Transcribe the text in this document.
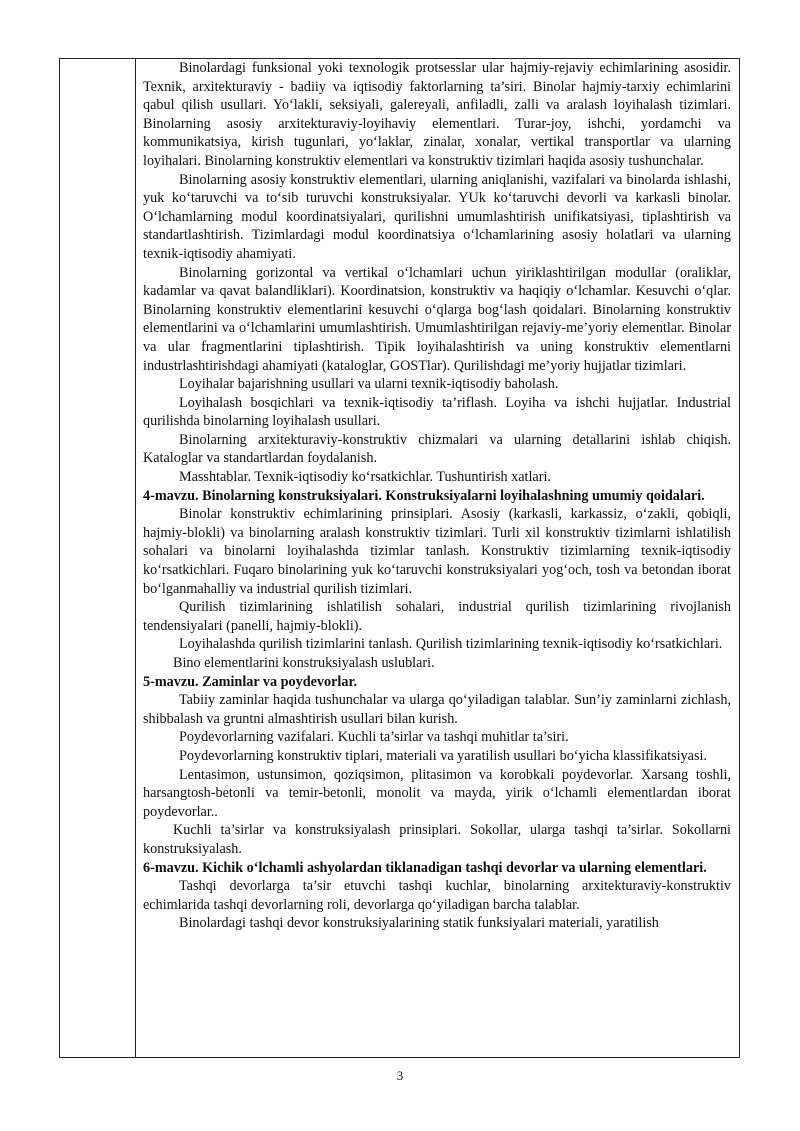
Binolardagi funksional yoki texnologik protsesslar ular hajmiy-rejaviy echimlarining asosidir. Texnik, arxitekturaviy - badiiy va iqtisodiy faktorlarning ta’siri. Binolar hajmiy-tarxiy echimlarini qabul qilish usullari. Yo‘lakli, seksiyali, galereyali, anfiladli, zalli va aralash loyihalash tizimlari. Binolarning asosiy arxitekturaviy-loyihaviy elementlari. Turar-joy, ishchi, yordamchi va kommunikatsiya, kirish tugunlari, yo‘laklar, zinalar, xonalar, vertikal transportlar va ularning loyihalari. Binolarning konstruktiv elementlari va konstruktiv tizimlari haqida asosiy tushunchalar.

Binolarning asosiy konstruktiv elementlari, ularning aniqlanishi, vazifalari va binolarda ishlashi, yuk ko‘taruvchi va to‘sib turuvchi konstruksiyalar. YUk ko‘taruvchi devorli va karkasli binolar. O‘lchamlarning modul koordinatsiyalari, qurilishni umumlashtirish unifikatsiyasi, tiplashtirish va standartlashtirish. Tizimlardagi modul koordinatsiya o‘lchamlarining asosiy holatlari va ularning texnik-iqtisodiy ahamiyati.

Binolarning gorizontal va vertikal o‘lchamlari uchun yiriklashtirilgan modullar (oraliklar, kadamlar va qavat balandliklari). Koordinatsion, konstruktiv va haqiqiy o‘lchamlar. Kesuvchi o‘qlar. Binolarning konstruktiv elementlarini kesuvchi o‘qlarga bog‘lash qoidalari. Binolarning konstruktiv elementlarini va o‘lchamlarini umumlashtirish. Umumlashtirilgan rejaviy-me’yoriy elementlar. Binolar va ular fragmentlarini tiplashtirish. Tipik loyihalashtirish va uning konstruktiv elementlarni industrlashtirishdagi ahamiyati (kataloglar, GOSTlar). Qurilishdagi me’yoriy hujjatlar tizimlari.

Loyihalar bajarishning usullari va ularni texnik-iqtisodiy baholash.

Loyihalash bosqichlari va texnik-iqtisodiy ta’riflash. Loyiha va ishchi hujjatlar. Industrial qurilishda binolarning loyihalash usullari.

Binolarning arxitekturaviy-konstruktiv chizmalari va ularning detallarini ishlab chiqish. Kataloglar va standartlardan foydalanish.

Masshtablar. Texnik-iqtisodiy ko‘rsatkichlar. Tushuntirish xatlari.

4-mavzu. Binolarning konstruksiyalari. Konstruksiyalarni loyihalashning umumiy qoidalari.

Binolar konstruktiv echimlarining prinsiplari. Asosiy (karkasli, karkassiz, o‘zakli, qobiqli, hajmiy-blokli) va binolarning aralash konstruktiv tizimlari. Turli xil konstruktiv tizimlarni ishlatilish sohalari va binolarni loyihalashda tizimlar tanlash. Konstruktiv tizimlarning texnik-iqtisodiy ko‘rsatkichlari. Fuqaro binolarining yuk ko‘taruvchi konstruksiyalari yog‘och, tosh va betondan iborat bo‘lganmahalliy va industrial qurilish tizimlari.

Qurilish tizimlarining ishlatilish sohalari, industrial qurilish tizimlarining rivojlanish tendensiyalari (panelli, hajmiy-blokli).

Loyihalashda qurilish tizimlarini tanlash. Qurilish tizimlarining texnik-iqtisodiy ko‘rsatkichlari.

Bino elementlarini konstruksiyalash uslublari.

5-mavzu. Zaminlar va poydevorlar.

Tabiiy zaminlar haqida tushunchalar va ularga qo‘yiladigan talablar. Sun’iy zaminlarni zichlash, shibbalash va gruntni almashtirish usullari bilan kurish.

Poydevorlarning vazifalari. Kuchli ta’sirlar va tashqi muhitlar ta’siri.

Poydevorlarning konstruktiv tiplari, materiali va yaratilish usullari bo‘yicha klassifikatsiyasi.

Lentasimon, ustunsimon, qoziqsimon, plitasimon va korobkali poydevorlar. Xarsang toshli, harsangtosh-betonli va temir-betonli, monolit va mayda, yirik o‘lchamli elementlardan iborat poydevorlar..

Kuchli ta’sirlar va konstruksiyalash prinsiplari. Sokollar, ularga tashqi ta’sirlar. Sokollarni konstruksiyalash.

6-mavzu. Kichik o‘lchamli ashyolardan tiklanadigan tashqi devorlar va ularning elementlari.

Tashqi devorlarga ta’sir etuvchi tashqi kuchlar, binolarning arxitekturaviy-konstruktiv echimlarida tashqi devorlarning roli, devorlarga qo‘yiladigan barcha talablar.

Binolardagi tashqi devor konstruksiyalarining statik funksiyalari materiali, yaratilish

3
